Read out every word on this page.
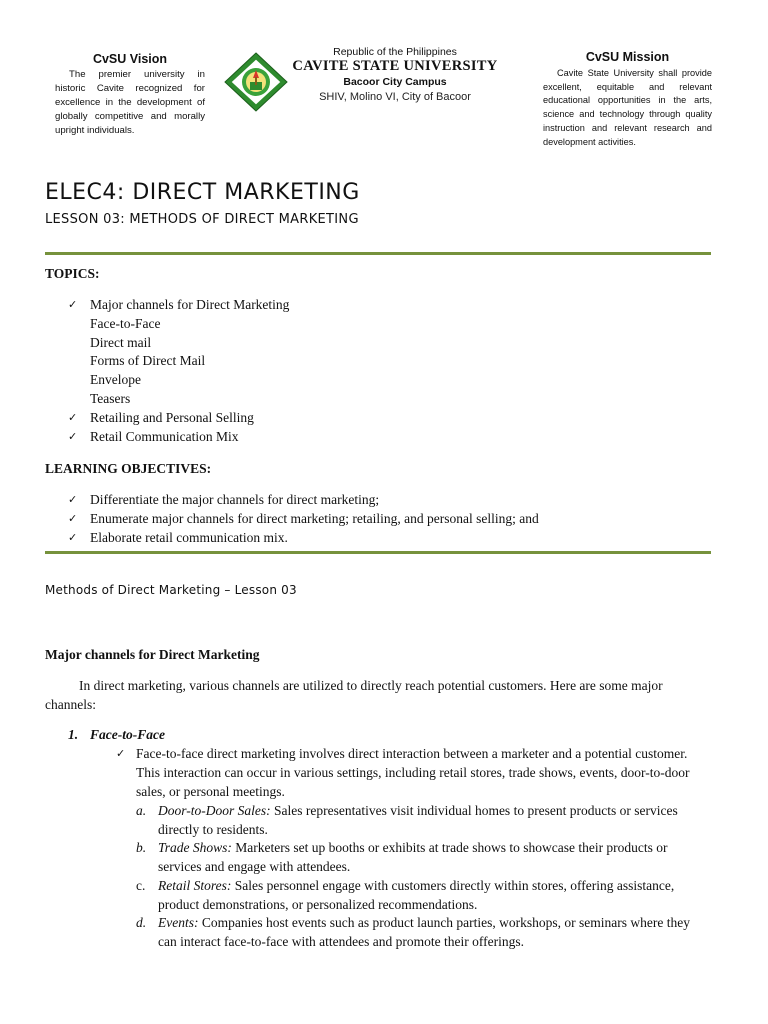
CvSU Vision

The premier university in historic Cavite recognized for excellence in the development of globally competitive and morally upright individuals.

Republic of the Philippines
CAVITE STATE UNIVERSITY
Bacoor City Campus
SHIV, Molino VI, City of Bacoor
CvSU Mission

Cavite State University shall provide excellent, equitable and relevant educational opportunities in the arts, science and technology through quality instruction and relevant research and development activities.

ELEC4: DIRECT MARKETING
LESSON 03: METHODS OF DIRECT MARKETING
TOPICS:
✓ Major channels for Direct Marketing
Face-to-Face
Direct mail
Forms of Direct Mail
Envelope
Teasers
✓ Retailing and Personal Selling
✓ Retail Communication Mix
LEARNING OBJECTIVES:
✓ Differentiate the major channels for direct marketing;
✓ Enumerate major channels for direct marketing; retailing, and personal selling; and
✓ Elaborate retail communication mix.
Methods of Direct Marketing – Lesson 03
Major channels for Direct Marketing
In direct marketing, various channels are utilized to directly reach potential customers. Here are some major
channels:
1. Face-to-Face
✓ Face-to-face direct marketing involves direct interaction between a marketer and a potential customer.
This interaction can occur in various settings, including retail stores, trade shows, events, door-to-door
sales, or personal meetings.
a. Door-to-Door Sales: Sales representatives visit individual homes to present products or services
directly to residents.
b. Trade Shows: Marketers set up booths or exhibits at trade shows to showcase their products or
services and engage with attendees.
c. Retail Stores: Sales personnel engage with customers directly within stores, offering assistance,
product demonstrations, or personalized recommendations.
d. Events: Companies host events such as product launch parties, workshops, or seminars where they
can interact face-to-face with attendees and promote their offerings.
